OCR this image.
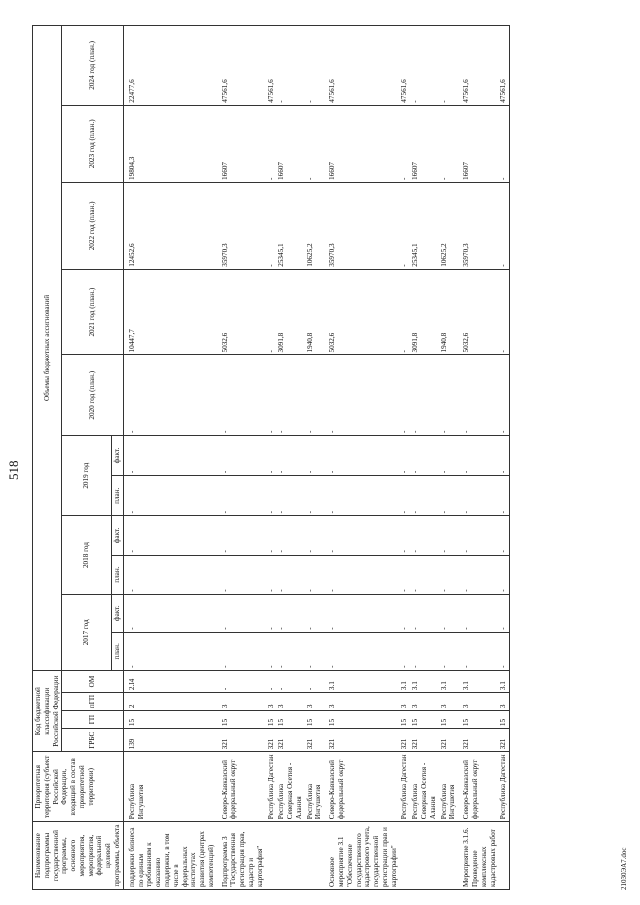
518
Наименование подпрограммы государственной программы, основного мероприятия, мероприятия, федеральной целевой программы, объекта	Приоритетная территория (субъект Российской Федерации, входящий в состав приоритетной территории)	Код бюджетной классификации Российской Федерации				Объемы бюджетных ассигнований										
		ГРБС	ГП	пГП	ОМ	2017 год		2018 год		2019 год		2020 год (план.)	2021 год (план.)	2022 год (план.)	2023 год (план.)	2024 год (план.)
						план.	факт.	план.	факт.	план.	факт.					
поддержки бизнеса по единым требованиям к оказанию поддержки, в том числе в федеральных институтах развития (центрах компетенций)	Республика Ингушетия	139	15	2	2.I4	-	-	-	-	-	-	-	10447,7	12452,6	19804,3	22477,6
Подпрограмма 3 "Государственная регистрация прав, кадастр и картография"	Северо-Кавказский федеральный округ	321	15	3	-	-	-	-	-	-	-	-	5032,6	35970,3	16607	47561,6
	Республика Дагестан	321	15	3	-	-	-	-	-	-	-	-	-	-	-	47561,6
	Республика Северная Осетия - Алания	321	15	3	-	-	-	-	-	-	-	-	3091,8	25345,1	16607	-
	Республика Ингушетия	321	15	3	-	-	-	-	-	-	-	-	1940,8	10625,2	-	-
Основное мероприятие 3.1 "Обеспечение государственного кадастрового учета, государственной регистрации прав и картографии"	Северо-Кавказский федеральный округ	321	15	3	3.1	-	-	-	-	-	-	-	5032,6	35970,3	16607	47561,6
	Республика Дагестан	321	15	3	3.1	-	-	-	-	-	-	-	-	-	-	47561,6
	Республика Северная Осетия - Алания	321	15	3	3.1	-	-	-	-	-	-	-	3091,8	25345,1	16607	-
	Республика Ингушетия	321	15	3	3.1	-	-	-	-	-	-	-	1940,8	10625,2	-	-
Мероприятие 3.1.6. Проведение комплексных кадастровых работ	Северо-Кавказский федеральный округ	321	15	3	3.1	-	-	-	-	-	-	-	5032,6	35970,3	16607	47561,6
	Республика Дагестан	321	15	3	3.1	-	-	-	-	-	-	-	-	-	-	47561,6
21030ЭА7.doc
